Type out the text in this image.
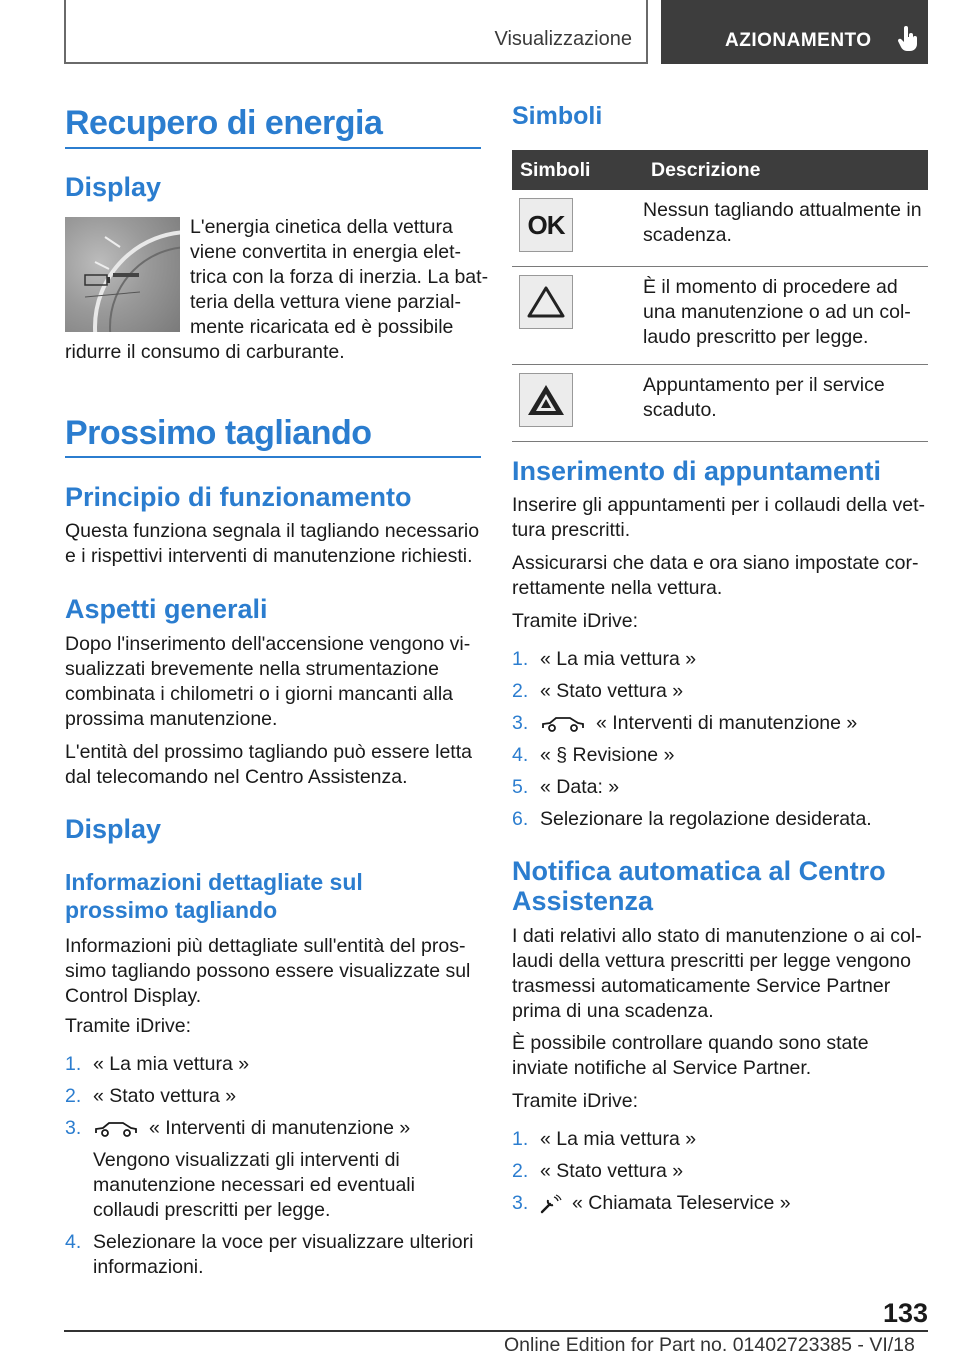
Visualizzazione	AZIONAMENTO
Recupero di energia
Display

L'energia cinetica della vettura

viene convertita in energia elet-

trica con la forza di inerzia. La bat-

teria della vettura viene parzial-

mente ricaricata ed è possibile

ridurre il consumo di carburante.

Prossimo tagliando
Principio di funzionamento

Questa funziona segnala il tagliando necessario e i rispettivi interventi di manutenzione richiesti.

Aspetti generali

Dopo l'inserimento dell'accensione vengono visualizzati brevemente nella strumentazione combinata i chilometri o i giorni mancanti alla prossima manutenzione.

L'entità del prossimo tagliando può essere letta dal telecomando nel Centro Assistenza.

Display
Informazioni dettagliate sul prossimo tagliando

Informazioni più dettagliate sull'entità del prossimo tagliando possono essere visualizzate sul Control Display.

Tramite iDrive:

1. « La mia vettura »
2. « Stato vettura »
3.	« Interventi di manutenzione »
Vengono visualizzati gli interventi di manutenzione necessari ed eventuali collaudi prescritti per legge.
4. Selezionare la voce per visualizzare ulteriori informazioni.
Simboli
Simboli	Descrizione

OK	Nessun tagliando attualmente in scadenza.

	È il momento di procedere ad una manutenzione o ad un collaudo prescritto per legge.

	Appuntamento per il service scaduto.
Inserimento di appuntamenti

Inserire gli appuntamenti per i collaudi della vettura prescritti.

Assicurarsi che data e ora siano impostate correttamente nella vettura.

Tramite iDrive:

1. « La mia vettura »
2. « Stato vettura »
3.	« Interventi di manutenzione »
4. « § Revisione »
5. « Data: »
6. Selezionare la regolazione desiderata.
Notifica automatica al Centro Assistenza

I dati relativi allo stato di manutenzione o ai collaudi della vettura prescritti per legge vengono trasmessi automaticamente Service Partner prima di una scadenza.

È possibile controllare quando sono state inviate notifiche al Service Partner.

Tramite iDrive:

1. « La mia vettura »
2. « Stato vettura »
3. « Chiamata Teleservice »
133
Online Edition for Part no. 01402723385 - VI/18
